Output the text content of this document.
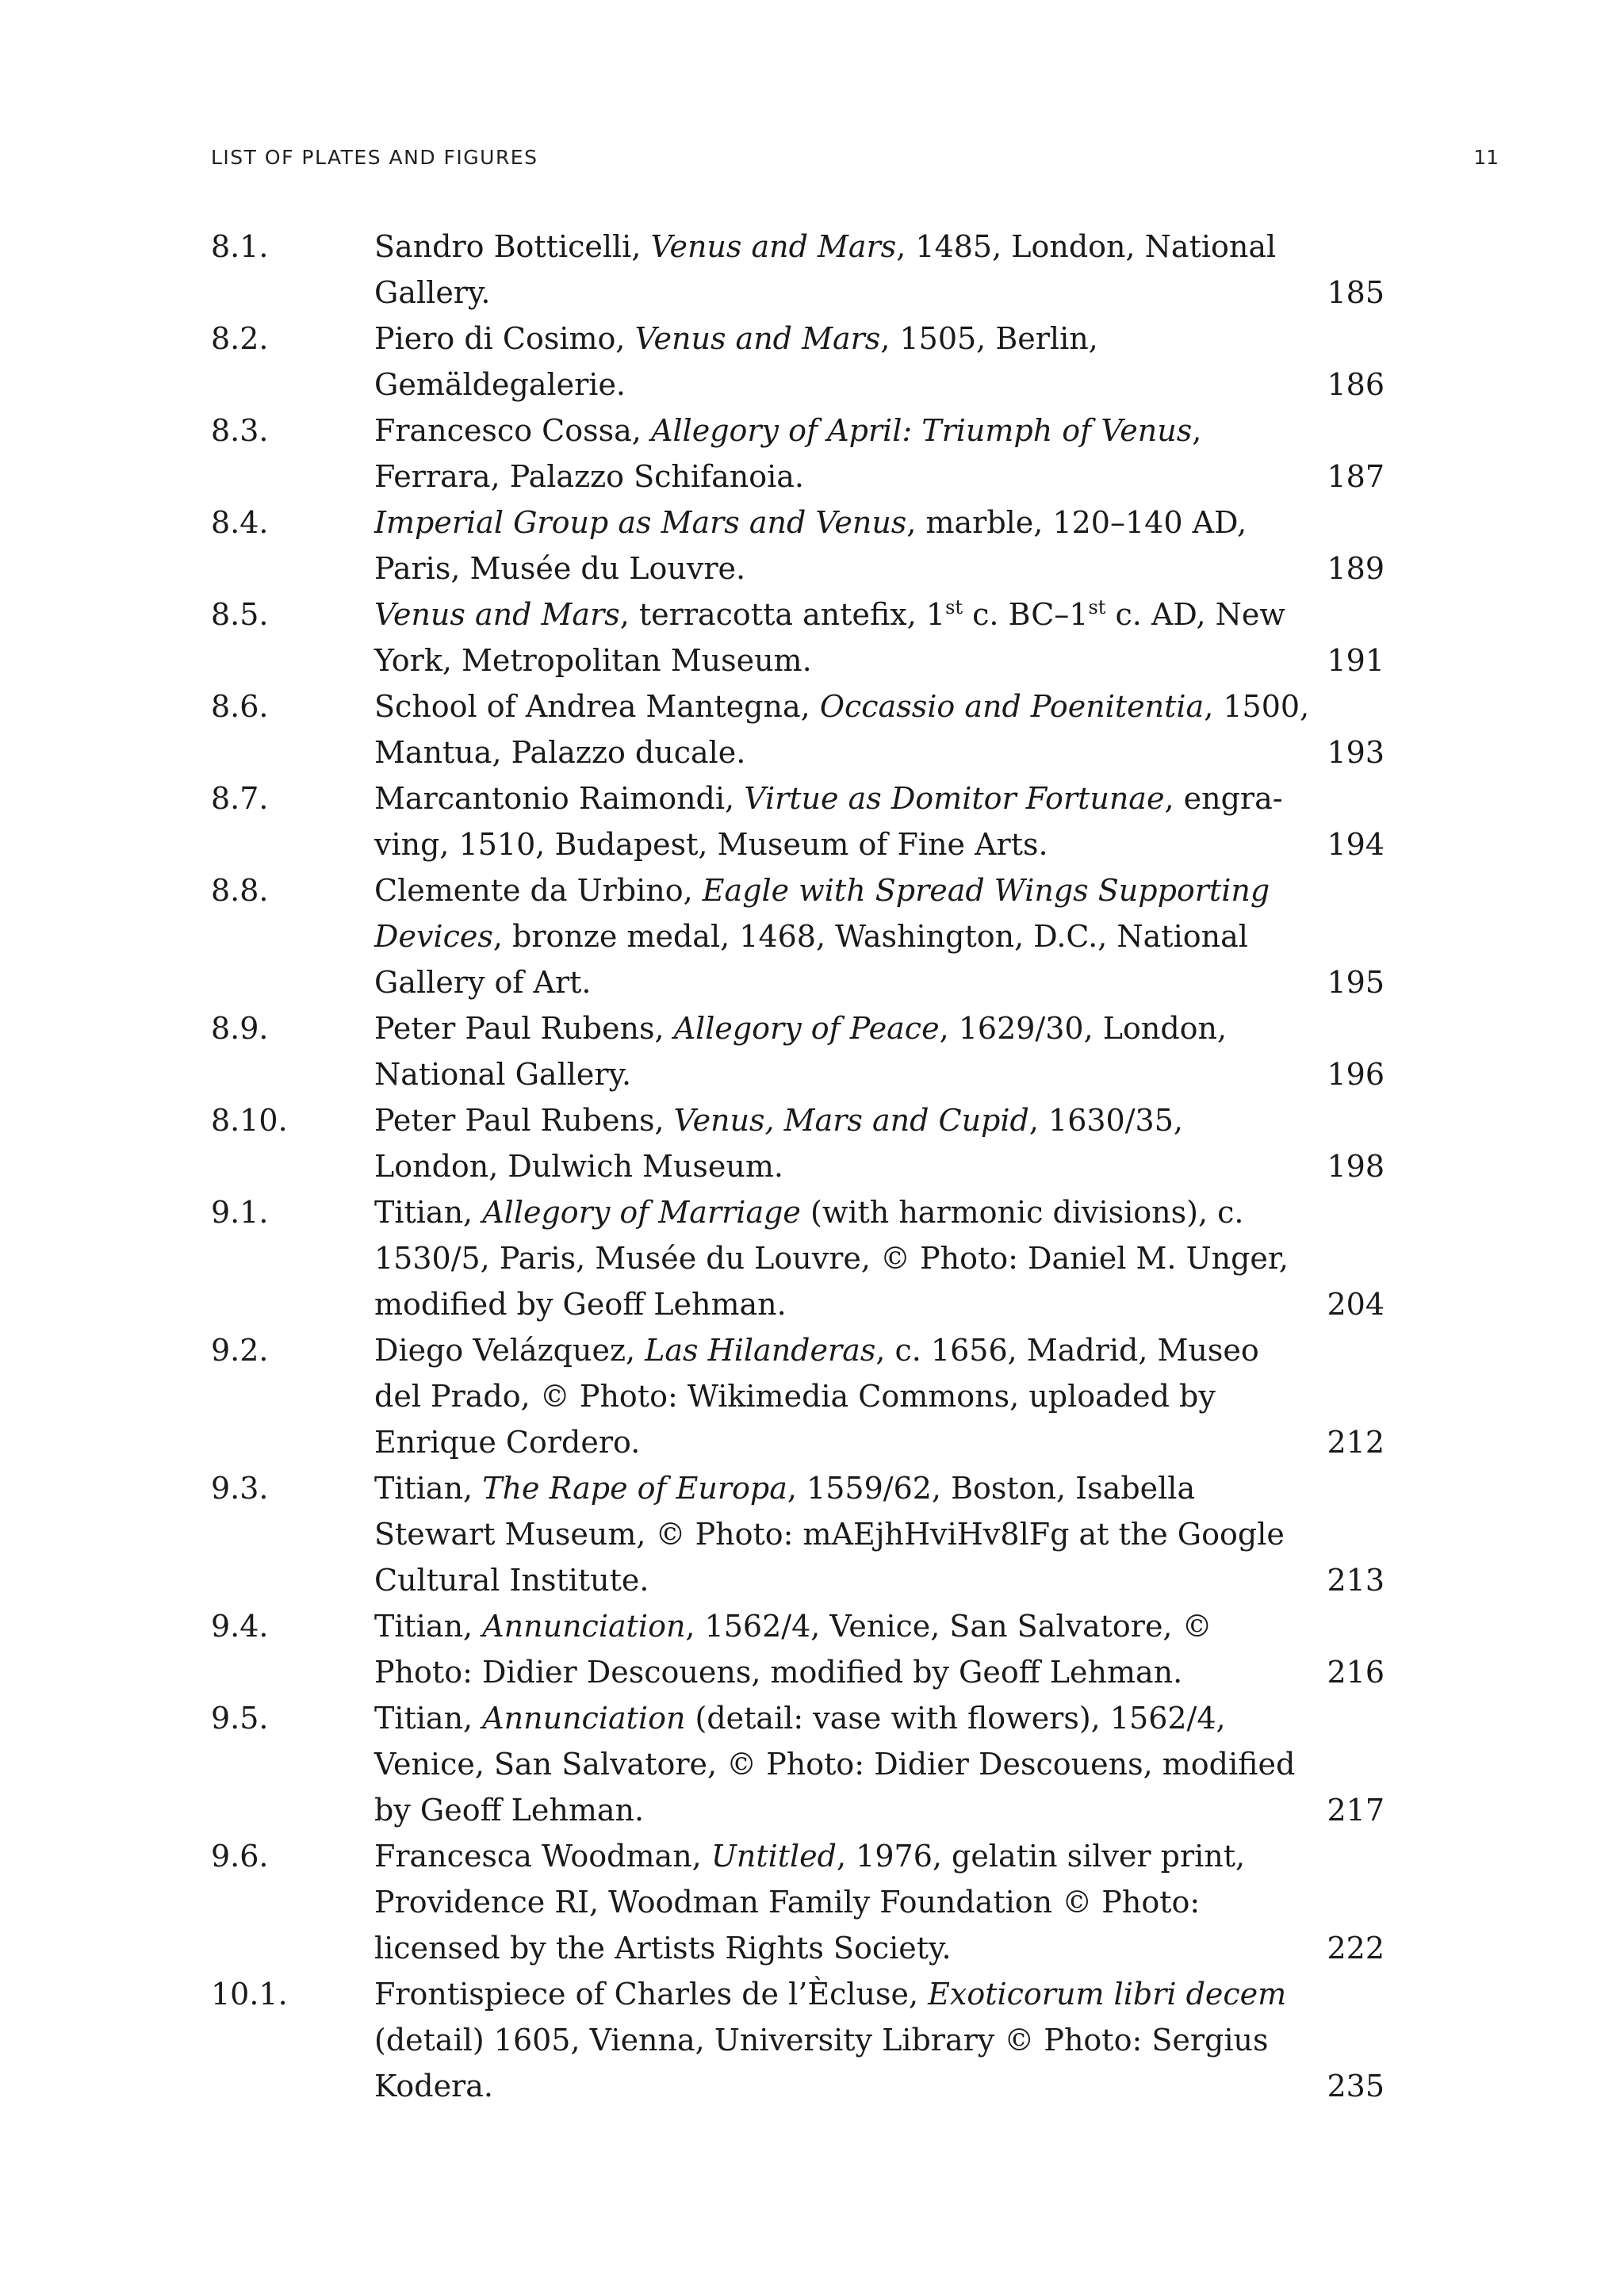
LIST OF PLATES AND FIGURES	11
8.1.	Sandro Botticelli, Venus and Mars, 1485, London, National Gallery.	185
8.2.	Piero di Cosimo, Venus and Mars, 1505, Berlin, Gemäldegalerie.	186
8.3.	Francesco Cossa, Allegory of April: Triumph of Venus, Ferrara, Palazzo Schifanoia.	187
8.4.	Imperial Group as Mars and Venus, marble, 120–140 AD, Paris, Musée du Louvre.	189
8.5.	Venus and Mars, terracotta antefix, 1st c. BC–1st c. AD, New York, Metropolitan Museum.	191
8.6.	School of Andrea Mantegna, Occassio and Poenitentia, 1500, Mantua, Palazzo ducale.	193
8.7.	Marcantonio Raimondi, Virtue as Domitor Fortunae, engraving, 1510, Budapest, Museum of Fine Arts.	194
8.8.	Clemente da Urbino, Eagle with Spread Wings Supporting Devices, bronze medal, 1468, Washington, D.C., National Gallery of Art.	195
8.9.	Peter Paul Rubens, Allegory of Peace, 1629/30, London, National Gallery.	196
8.10.	Peter Paul Rubens, Venus, Mars and Cupid, 1630/35, London, Dulwich Museum.	198
9.1.	Titian, Allegory of Marriage (with harmonic divisions), c. 1530/5, Paris, Musée du Louvre, © Photo: Daniel M. Unger, modified by Geoff Lehman.	204
9.2.	Diego Velázquez, Las Hilanderas, c. 1656, Madrid, Museo del Prado, © Photo: Wikimedia Commons, uploaded by Enrique Cordero.	212
9.3.	Titian, The Rape of Europa, 1559/62, Boston, Isabella Stewart Museum, © Photo: mAEjhHviHv8lFg at the Google Cultural Institute.	213
9.4.	Titian, Annunciation, 1562/4, Venice, San Salvatore, © Photo: Didier Descouens, modified by Geoff Lehman.	216
9.5.	Titian, Annunciation (detail: vase with flowers), 1562/4, Venice, San Salvatore, © Photo: Didier Descouens, modified by Geoff Lehman.	217
9.6.	Francesca Woodman, Untitled, 1976, gelatin silver print, Providence RI, Woodman Family Foundation © Photo: licensed by the Artists Rights Society.	222
10.1.	Frontispiece of Charles de l’Ècluse, Exoticorum libri decem (detail) 1605, Vienna, University Library © Photo: Sergius Kodera.	235
